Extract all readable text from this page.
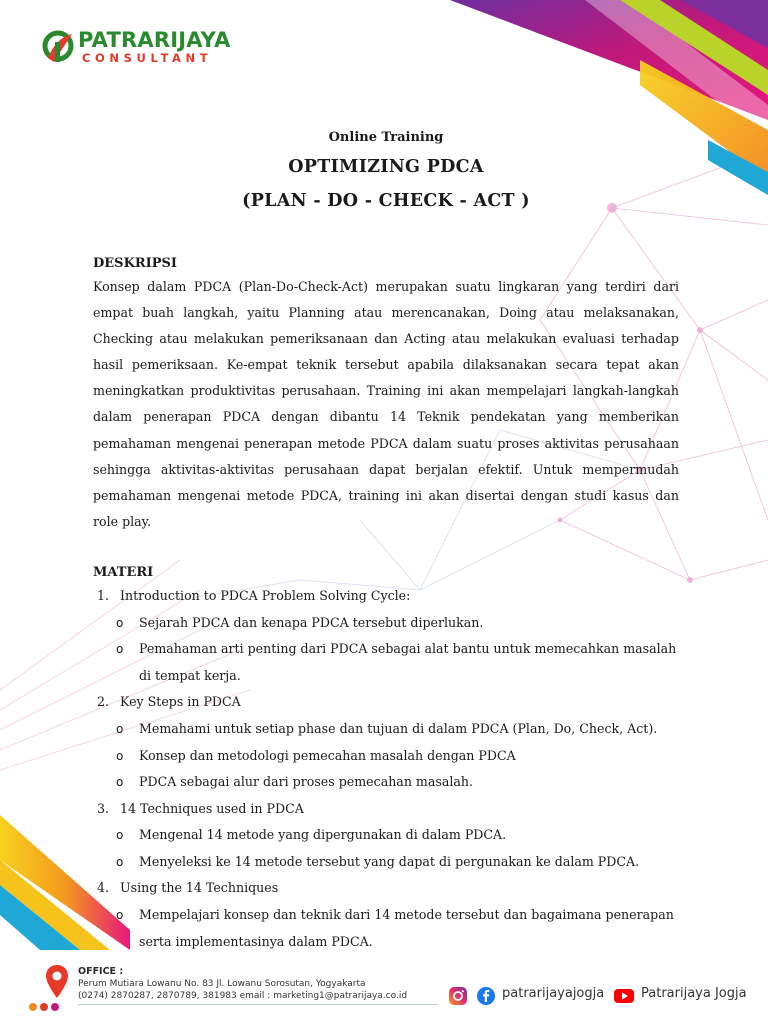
PATRARIJAYA
CONSULTANT
Online Training
OPTIMIZING PDCA
(PLAN - DO - CHECK - ACT )
DESKRIPSI

Konsep dalam PDCA (Plan-Do-Check-Act) merupakan suatu lingkaran yang terdiri dari empat buah langkah, yaitu Planning atau merencanakan, Doing atau melaksanakan, Checking atau melakukan pemeriksanaan dan Acting atau melakukan evaluasi terhadap hasil pemeriksaan. Ke-empat teknik tersebut apabila dilaksanakan secara tepat akan meningkatkan produktivitas perusahaan. Training ini akan mempelajari langkah-langkah dalam penerapan PDCA dengan dibantu 14 Teknik pendekatan yang memberikan pemahaman mengenai penerapan metode PDCA dalam suatu proses aktivitas perusahaan sehingga aktivitas-aktivitas perusahaan dapat berjalan efektif. Untuk mempermudah pemahaman mengenai metode PDCA, training ini akan disertai dengan studi kasus dan role play.

MATERI
1. Introduction to PDCA Problem Solving Cycle:
o Sejarah PDCA dan kenapa PDCA tersebut diperlukan.
o Pemahaman arti penting dari PDCA sebagai alat bantu untuk memecahkan masalah di tempat kerja.
2. Key Steps in PDCA
o Memahami untuk setiap phase dan tujuan di dalam PDCA (Plan, Do, Check, Act).
o Konsep dan metodologi pemecahan masalah dengan PDCA
o PDCA sebagai alur dari proses pemecahan masalah.
3. 14 Techniques used in PDCA
o Mengenal 14 metode yang dipergunakan di dalam PDCA.
o Menyeleksi ke 14 metode tersebut yang dapat di pergunakan ke dalam PDCA.
4. Using the 14 Techniques
o Mempelajari konsep dan teknik dari 14 metode tersebut dan bagaimana penerapan serta implementasinya dalam PDCA.
OFFICE :
Perum Mutiara Lowanu No. 83 Jl. Lowanu Sorosutan, Yogyakarta
(0274) 2870287, 2870789, 381983 email : marketing1@patrarijaya.co.id	patrarijayajogja	Patrarijaya Jogja
